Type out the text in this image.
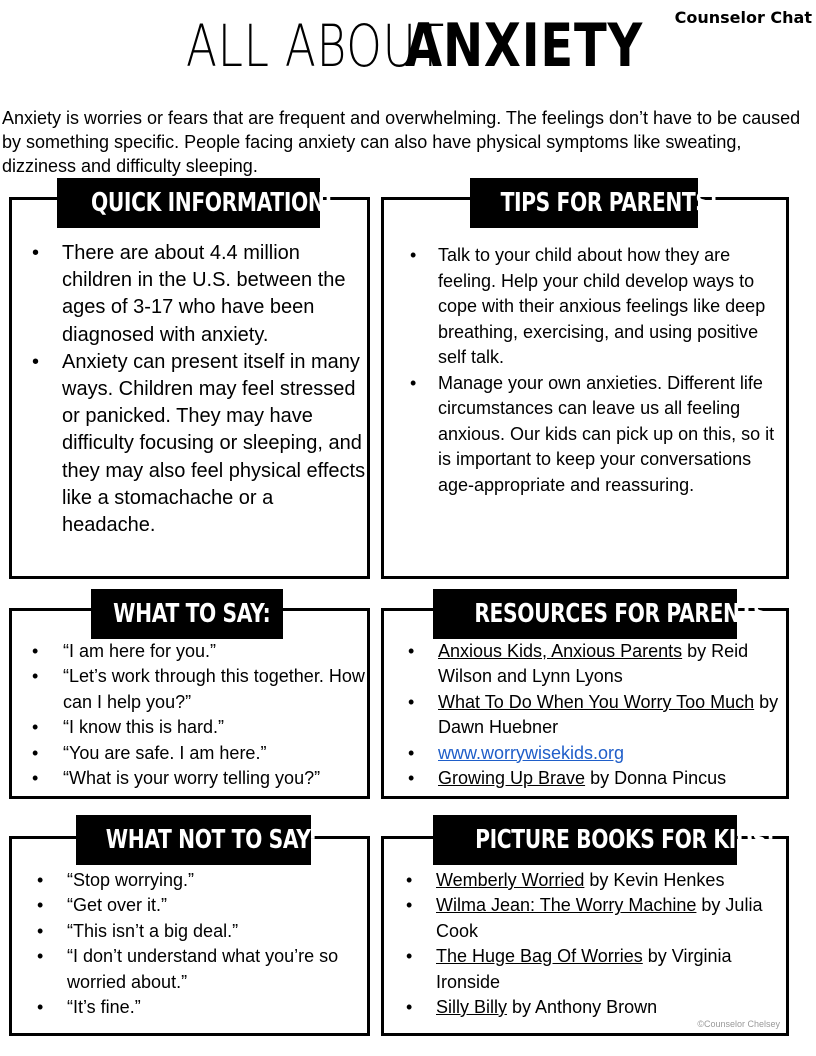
ALL ABOUTANXIETY	Counselor Chat
Anxiety is worries or fears that are frequent and overwhelming. The feelings don’t have to be caused by something specific. People facing anxiety can also have physical symptoms like sweating, dizziness and difficulty sleeping.
• There are about 4.4 million children in the U.S. between the ages of 3-17 who have been diagnosed with anxiety.
• Anxiety can present itself in many ways. Children may feel stressed or panicked. They may have difficulty focusing or sleeping, and they may also feel physical effects like a stomachache or a headache.
QUICK INFORMATION:
• Talk to your child about how they are feeling. Help your child develop ways to cope with their anxious feelings like deep breathing, exercising, and using positive self talk.
• Manage your own anxieties. Different life circumstances can leave us all feeling anxious. Our kids can pick up on this, so it is important to keep your conversations age-appropriate and reassuring.
TIPS FOR PARENTS:
• “I am here for you.”
• “Let’s work through this together. How can I help you?”
• “I know this is hard.”
• “You are safe. I am here.”
• “What is your worry telling you?”
WHAT TO SAY:
• Anxious Kids, Anxious Parents by Reid Wilson and Lynn Lyons
• What To Do When You Worry Too Much by Dawn Huebner
• www.worrywisekids.org
• Growing Up Brave by Donna Pincus
RESOURCES FOR PARENTS
• “Stop worrying.”
• “Get over it.”
• “This isn’t a big deal.”
• “I don’t understand what you’re so worried about.”
• “It’s fine.”
WHAT NOT TO SAY:
• Wemberly Worried by Kevin Henkes
• Wilma Jean: The Worry Machine by Julia Cook
• The Huge Bag Of Worries by Virginia Ironside
• Silly Billy by Anthony Brown
©Counselor Chelsey
PICTURE BOOKS FOR KIDS:
